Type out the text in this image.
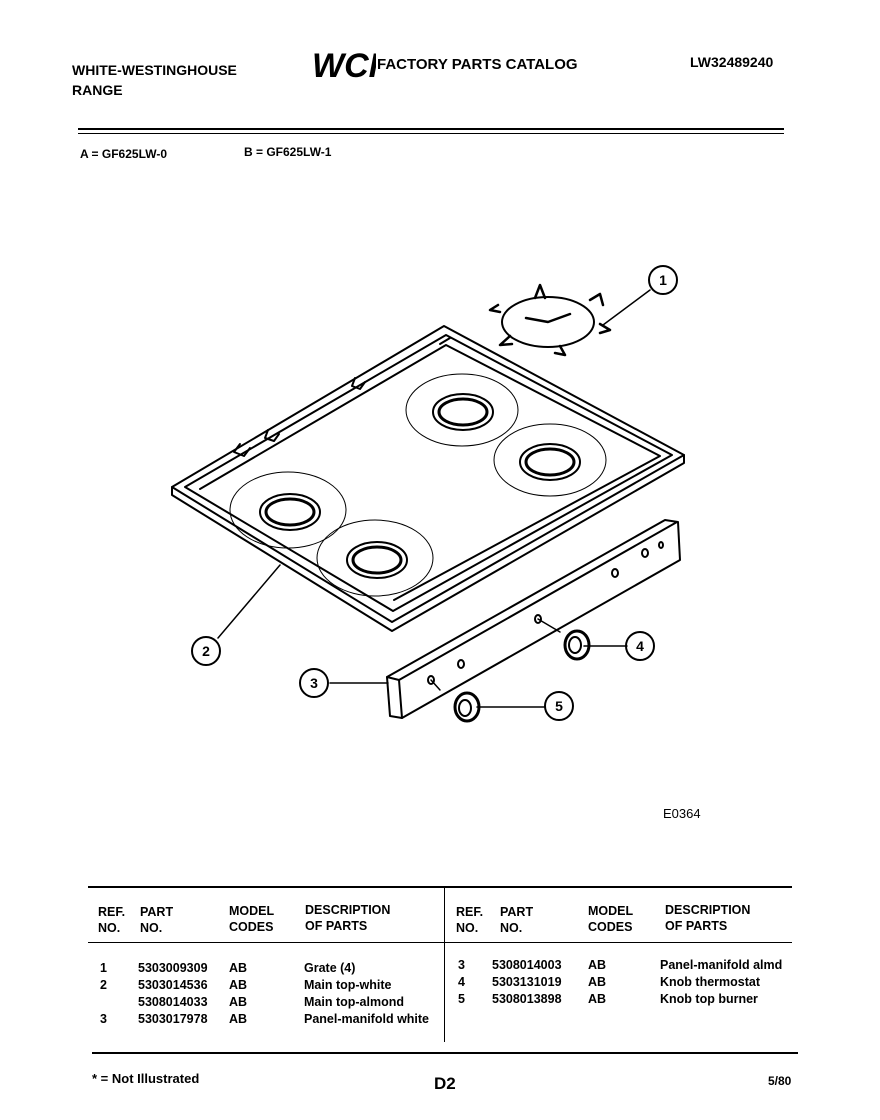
WHITE-WESTINGHOUSE
RANGE
WCI
FACTORY PARTS CATALOG	LW32489240
A = GF625LW-0	B = GF625LW-1
1
2
3
4
5
E0364
REF.
NO.
PART
NO.
MODEL
CODES
DESCRIPTION
OF PARTS
REF.
NO.
PART
NO.
MODEL
CODES
DESCRIPTION
OF PARTS
1	5303009309	AB	Grate (4)
2	5303014536	AB	Main top-white
	5308014033	AB	Main top-almond
3	5303017978	AB	Panel-manifold white
3	5308014003	AB	Panel-manifold almd
4	5303131019	AB	Knob thermostat
5	5308013898	AB	Knob top burner
* = Not Illustrated	D2	5/80
